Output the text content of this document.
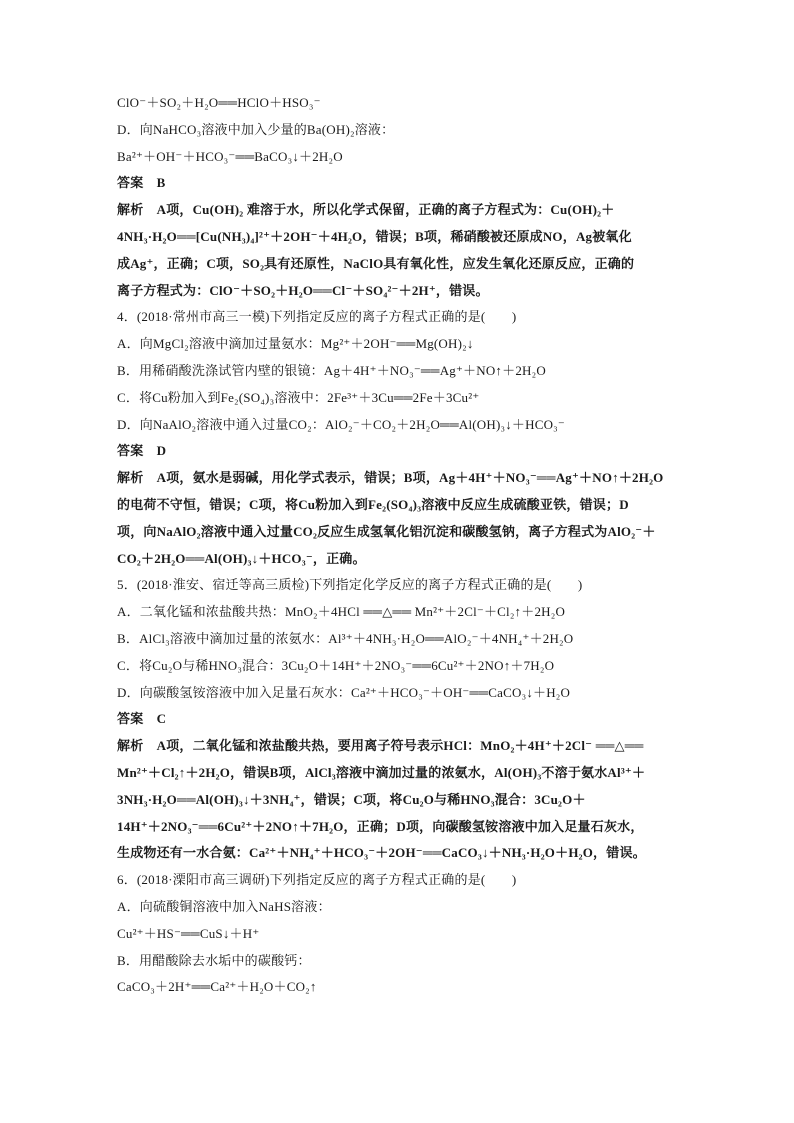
ClO⁻＋SO₂＋H₂O══HClO＋HSO₃⁻
D．向NaHCO₃溶液中加入少量的Ba(OH)₂溶液：
Ba²⁺＋OH⁻＋HCO₃⁻══BaCO₃↓＋2H₂O
答案　B
解析　A项，Cu(OH)₂ 难溶于水，所以化学式保留，正确的离子方程式为：Cu(OH)₂＋
4NH₃·H₂O══[Cu(NH₃)₄]²⁺＋2OH⁻＋4H₂O，错误；B项，稀硝酸被还原成NO，Ag被氧化
成Ag⁺，正确；C项，SO₂具有还原性，NaClO具有氧化性，应发生氧化还原反应，正确的
离子方程式为：ClO⁻＋SO₂＋H₂O══Cl⁻＋SO₄²⁻＋2H⁺，错误。
4．(2018·常州市高三一模)下列指定反应的离子方程式正确的是(　　)
A．向MgCl₂溶液中滴加过量氨水：Mg²⁺＋2OH⁻══Mg(OH)₂↓
B．用稀硝酸洗涤试管内壁的银镜：Ag＋4H⁺＋NO₃⁻══Ag⁺＋NO↑＋2H₂O
C．将Cu粉加入到Fe₂(SO₄)₃溶液中：2Fe³⁺＋3Cu══2Fe＋3Cu²⁺
D．向NaAlO₂溶液中通入过量CO₂：AlO₂⁻＋CO₂＋2H₂O══Al(OH)₃↓＋HCO₃⁻
答案　D
解析　A项，氨水是弱碱，用化学式表示，错误；B项，Ag＋4H⁺＋NO₃⁻══Ag⁺＋NO↑＋2H₂O
的电荷不守恒，错误；C项，将Cu粉加入到Fe₂(SO₄)₃溶液中反应生成硫酸亚铁，错误；D
项，向NaAlO₂溶液中通入过量CO₂反应生成氢氧化铝沉淀和碳酸氢钠，离子方程式为AlO₂⁻＋
CO₂＋2H₂O══Al(OH)₃↓＋HCO₃⁻，正确。
5．(2018·淮安、宿迁等高三质检)下列指定化学反应的离子方程式正确的是(　　)
A．二氧化锰和浓盐酸共热：MnO₂＋4HCl ══△══ Mn²⁺＋2Cl⁻＋Cl₂↑＋2H₂O
B．AlCl₃溶液中滴加过量的浓氨水：Al³⁺＋4NH₃·H₂O══AlO₂⁻＋4NH₄⁺＋2H₂O
C．将Cu₂O与稀HNO₃混合：3Cu₂O＋14H⁺＋2NO₃⁻══6Cu²⁺＋2NO↑＋7H₂O
D．向碳酸氢铵溶液中加入足量石灰水：Ca²⁺＋HCO₃⁻＋OH⁻══CaCO₃↓＋H₂O
答案　C
解析　A项，二氧化锰和浓盐酸共热，要用离子符号表示HCl：MnO₂＋4H⁺＋2Cl⁻ ══△══
Mn²⁺＋Cl₂↑＋2H₂O，错误B项，AlCl₃溶液中滴加过量的浓氨水，Al(OH)₃不溶于氨水Al³⁺＋
3NH₃·H₂O══Al(OH)₃↓＋3NH₄⁺，错误；C项，将Cu₂O与稀HNO₃混合：3Cu₂O＋
14H⁺＋2NO₃⁻══6Cu²⁺＋2NO↑＋7H₂O，正确；D项，向碳酸氢铵溶液中加入足量石灰水，
生成物还有一水合氨：Ca²⁺＋NH₄⁺＋HCO₃⁻＋2OH⁻══CaCO₃↓＋NH₃·H₂O＋H₂O，错误。
6．(2018·溧阳市高三调研)下列指定反应的离子方程式正确的是(　　)
A．向硫酸铜溶液中加入NaHS溶液：
Cu²⁺＋HS⁻══CuS↓＋H⁺
B．用醋酸除去水垢中的碳酸钙：
CaCO₃＋2H⁺══Ca²⁺＋H₂O＋CO₂↑
